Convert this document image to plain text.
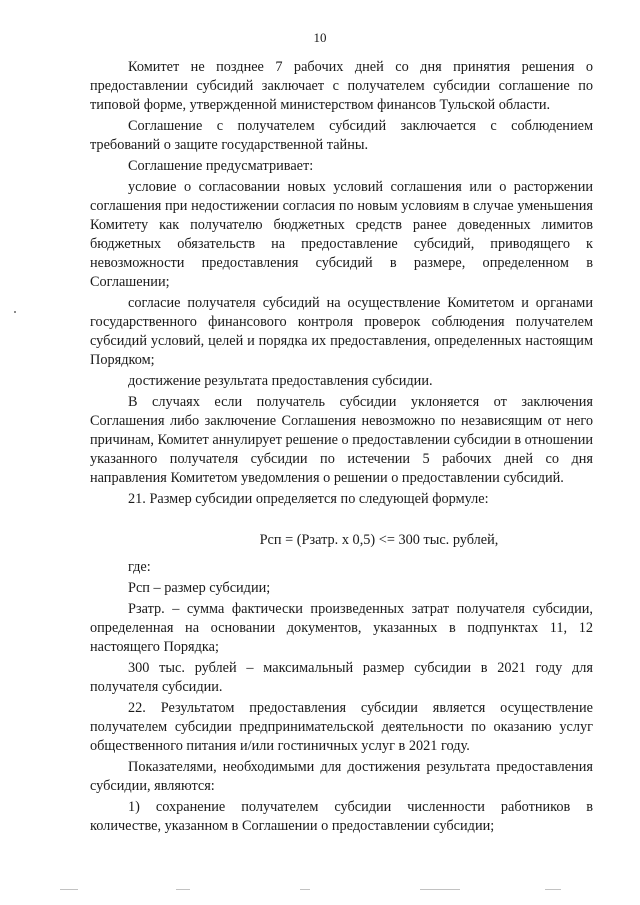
10

Комитет не позднее 7 рабочих дней со дня принятия решения о предоставлении субсидий заключает с получателем субсидии соглашение по типовой форме, утвержденной министерством финансов Тульской области.

Соглашение с получателем субсидий заключается с соблюдением требований о защите государственной тайны.

Соглашение предусматривает:

условие о согласовании новых условий соглашения или о расторжении соглашения при недостижении согласия по новым условиям в случае уменьшения Комитету как получателю бюджетных средств ранее доведенных лимитов бюджетных обязательств на предоставление субсидий, приводящего к невозможности предоставления субсидий в размере, определенном в Соглашении;

согласие получателя субсидий на осуществление Комитетом и органами государственного финансового контроля проверок соблюдения получателем субсидий условий, целей и порядка их предоставления, определенных настоящим Порядком;

достижение результата предоставления субсидии.

В случаях если получатель субсидии уклоняется от заключения Соглашения либо заключение Соглашения невозможно по независящим от него причинам, Комитет аннулирует решение о предоставлении субсидии в отношении указанного получателя субсидии по истечении 5 рабочих дней со дня направления Комитетом уведомления о решении о предоставлении субсидий.

21. Размер субсидии определяется по следующей формуле:

Рсп = (Рзатр. х 0,5) <= 300 тыс. рублей,

где:

Рсп – размер субсидии;

Рзатр. – сумма фактически произведенных затрат получателя субсидии, определенная на основании документов, указанных в подпунктах 11, 12 настоящего Порядка;

300 тыс. рублей – максимальный размер субсидии в 2021 году для получателя субсидии.

22. Результатом предоставления субсидии является осуществление получателем субсидии предпринимательской деятельности по оказанию услуг общественного питания и/или гостиничных услуг в 2021 году.

Показателями, необходимыми для достижения результата предоставления субсидии, являются:

1) сохранение получателем субсидии численности работников в количестве, указанном в Соглашении о предоставлении субсидии;
